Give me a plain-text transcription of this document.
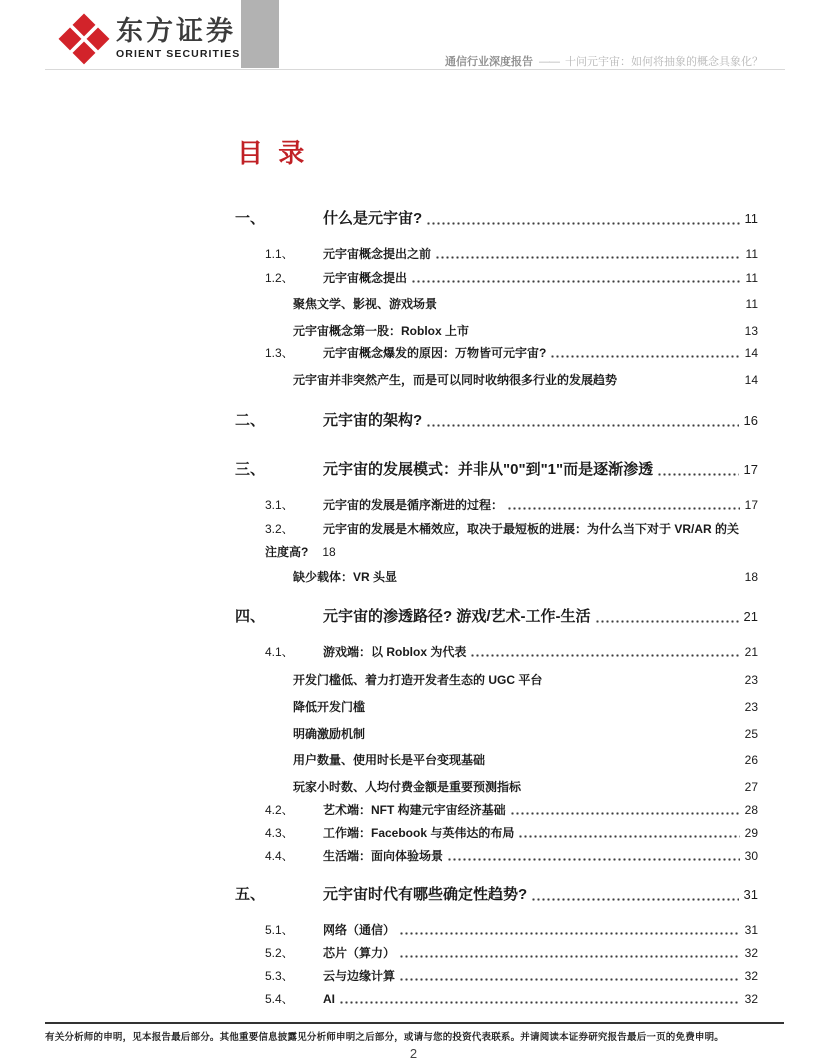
东方证券
ORIENT SECURITIES
通信行业深度报告 —— 十问元宇宙：如何将抽象的概念具象化？
目 录
一、	什么是元宇宙?	11
1.1、	元宇宙概念提出之前	11
1.2、	元宇宙概念提出	11
聚焦文学、影视、游戏场景	11
元宇宙概念第一股：Roblox 上市	13
1.3、	元宇宙概念爆发的原因：万物皆可元宇宙?	14
元宇宙并非突然产生，而是可以同时收纳很多行业的发展趋势	14
二、	元宇宙的架构?	16
三、	元宇宙的发展模式：并非从"0"到"1"而是逐渐渗透	17
3.1、	元宇宙的发展是循序渐进的过程：	17
3.2、	元宇宙的发展是木桶效应，取决于最短板的进展：为什么当下对于 VR/AR 的关
注度高? 18
缺少载体：VR 头显	18
四、	元宇宙的渗透路径? 游戏/艺术-工作-生活	21
4.1、	游戏端：以 Roblox 为代表	21
开发门槛低、着力打造开发者生态的 UGC 平台	23
降低开发门槛	23
明确激励机制	25
用户数量、使用时长是平台变现基础	26
玩家小时数、人均付费金额是重要预测指标	27
4.2、	艺术端：NFT 构建元宇宙经济基础	28
4.3、	工作端：Facebook 与英伟达的布局	29
4.4、	生活端：面向体验场景	30
五、	元宇宙时代有哪些确定性趋势?	31
5.1、	网络（通信）	31
5.2、	芯片（算力）	32
5.3、	云与边缘计算	32
5.4、	AI	32
有关分析师的申明，见本报告最后部分。其他重要信息披露见分析师申明之后部分，或请与您的投资代表联系。并请阅读本证券研究报告最后一页的免费申明。
2
